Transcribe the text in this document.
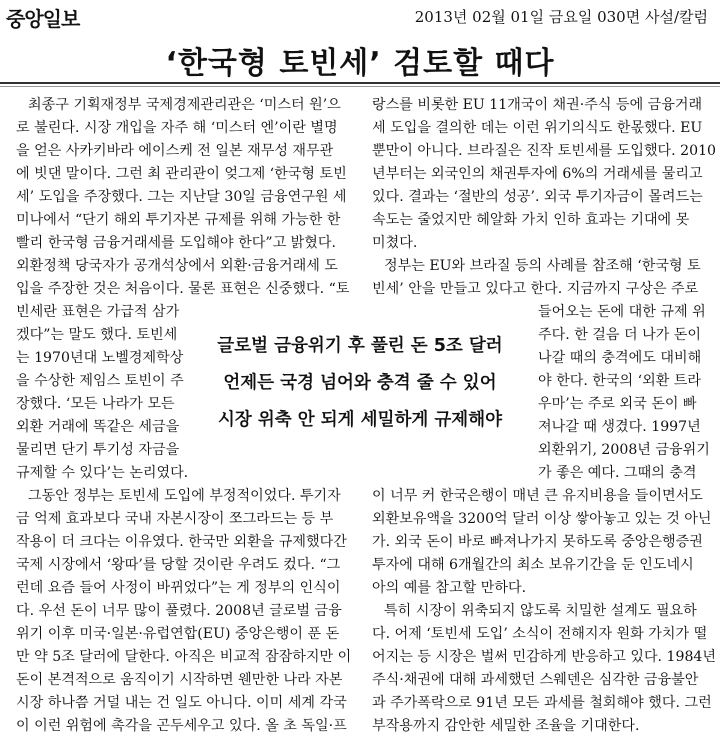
중앙일보	2013년 02월 01일 금요일 030면 사설/칼럼
‘한국형 토빈세’ 검토할 때다

최종구 기획재정부 국제경제관리관은 ‘미스터 원’으

로 불린다. 시장 개입을 자주 해 ‘미스터 엔’이란 별명

을 얻은 사카키바라 에이스케 전 일본 재무성 재무관

에 빗댄 말이다. 그런 최 관리관이 엊그제 ‘한국형 토빈

세’ 도입을 주장했다. 그는 지난달 30일 금융연구원 세

미나에서 “단기 해외 투기자본 규제를 위해 가능한 한

빨리 한국형 금융거래세를 도입해야 한다”고 밝혔다.

외환정책 당국자가 공개석상에서 외환·금융거래세 도

입을 주장한 것은 처음이다. 물론 표현은 신중했다. “토

빈세란 표현은 가급적 삼가

겠다”는 말도 했다. 토빈세

는 1970년대 노벨경제학상

을 수상한 제임스 토빈이 주

장했다. ‘모든 나라가 모든

외환 거래에 똑같은 세금을

물리면 단기 투기성 자금을

규제할 수 있다’는 논리였다.

그동안 정부는 토빈세 도입에 부정적이었다. 투기자

금 억제 효과보다 국내 자본시장이 쪼그라드는 등 부

작용이 더 크다는 이유였다. 한국만 외환을 규제했다간

국제 시장에서 ‘왕따’를 당할 것이란 우려도 컸다. “그

런데 요즘 들어 사정이 바뀌었다”는 게 정부의 인식이

다. 우선 돈이 너무 많이 풀렸다. 2008년 글로벌 금융

위기 이후 미국·일본·유럽연합(EU) 중앙은행이 푼 돈

만 약 5조 달러에 달한다. 아직은 비교적 잠잠하지만 이

돈이 본격적으로 움직이기 시작하면 웬만한 나라 자본

시장 하나쯤 거덜 내는 건 일도 아니다. 이미 세계 각국

이 이런 위험에 촉각을 곤두세우고 있다. 올 초 독일·프

랑스를 비롯한 EU 11개국이 채권·주식 등에 금융거래

세 도입을 결의한 데는 이런 위기의식도 한몫했다. EU

뿐만이 아니다. 브라질은 진작 토빈세를 도입했다. 2010

년부터는 외국인의 채권투자에 6%의 거래세를 물리고

있다. 결과는 ‘절반의 성공’. 외국 투기자금이 몰려드는

속도는 줄었지만 헤알화 가치 인하 효과는 기대에 못

미쳤다.

정부는 EU와 브라질 등의 사례를 참조해 ‘한국형 토

빈세’ 안을 만들고 있다고 한다. 지금까지 구상은 주로

들어오는 돈에 대한 규제 위

주다. 한 걸음 더 나가 돈이

나갈 때의 충격에도 대비해

야 한다. 한국의 ‘외환 트라

우마’는 주로 외국 돈이 빠

져나갈 때 생겼다. 1997년

외환위기, 2008년 금융위기

가 좋은 예다. 그때의 충격

이 너무 커 한국은행이 매년 큰 유지비용을 들이면서도

외환보유액을 3200억 달러 이상 쌓아놓고 있는 것 아닌

가. 외국 돈이 바로 빠져나가지 못하도록 중앙은행증권

투자에 대해 6개월간의 최소 보유기간을 둔 인도네시

아의 예를 참고할 만하다.

특히 시장이 위축되지 않도록 치밀한 설계도 필요하

다. 어제 ‘토빈세 도입’ 소식이 전해지자 원화 가치가 떨

어지는 등 시장은 벌써 민감하게 반응하고 있다. 1984년

주식·채권에 대해 과세했던 스웨덴은 심각한 금융불안

과 주가폭락으로 91년 모든 과세를 철회해야 했다. 그런

부작용까지 감안한 세밀한 조율을 기대한다.

글로벌 금융위기 후 풀린 돈 5조 달러

언제든 국경 넘어와 충격 줄 수 있어

시장 위축 안 되게 세밀하게 규제해야
